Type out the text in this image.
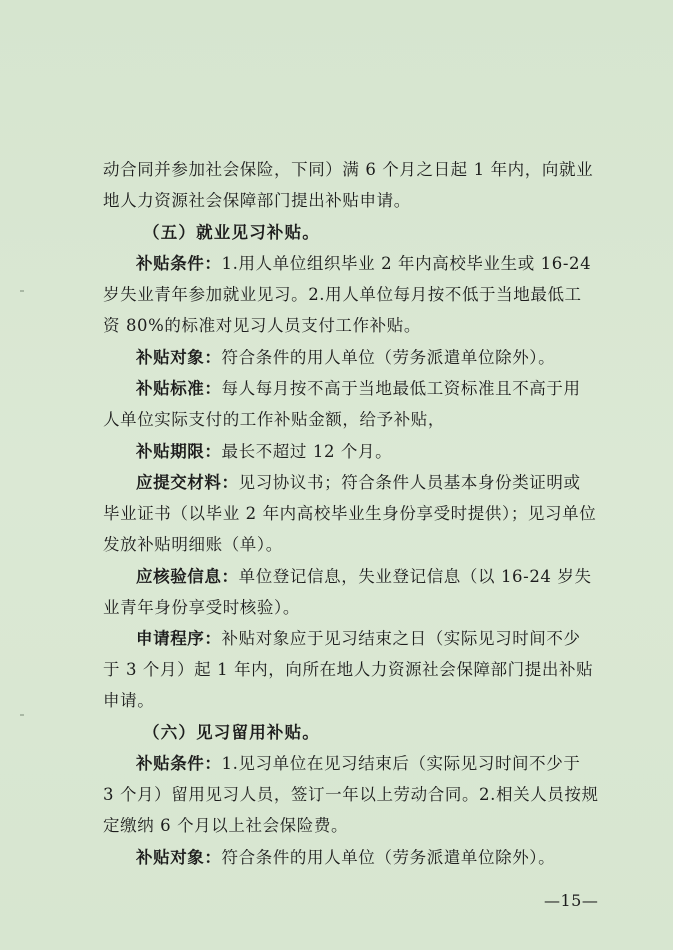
动合同并参加社会保险，下同）满 6 个月之日起 1 年内，向就业
地人力资源社会保障部门提出补贴申请。
（五）就业见习补贴。
补贴条件：1.用人单位组织毕业 2 年内高校毕业生或 16-24
岁失业青年参加就业见习。2.用人单位每月按不低于当地最低工
资 80%的标准对见习人员支付工作补贴。
补贴对象：符合条件的用人单位（劳务派遣单位除外）。
补贴标准：每人每月按不高于当地最低工资标准且不高于用
人单位实际支付的工作补贴金额，给予补贴，
补贴期限：最长不超过 12 个月。
应提交材料：见习协议书；符合条件人员基本身份类证明或
毕业证书（以毕业 2 年内高校毕业生身份享受时提供）；见习单位
发放补贴明细账（单）。
应核验信息：单位登记信息，失业登记信息（以 16-24 岁失
业青年身份享受时核验）。
申请程序：补贴对象应于见习结束之日（实际见习时间不少
于 3 个月）起 1 年内，向所在地人力资源社会保障部门提出补贴
申请。
（六）见习留用补贴。
补贴条件：1.见习单位在见习结束后（实际见习时间不少于
3 个月）留用见习人员，签订一年以上劳动合同。2.相关人员按规
定缴纳 6 个月以上社会保险费。
补贴对象：符合条件的用人单位（劳务派遣单位除外）。
—15—
